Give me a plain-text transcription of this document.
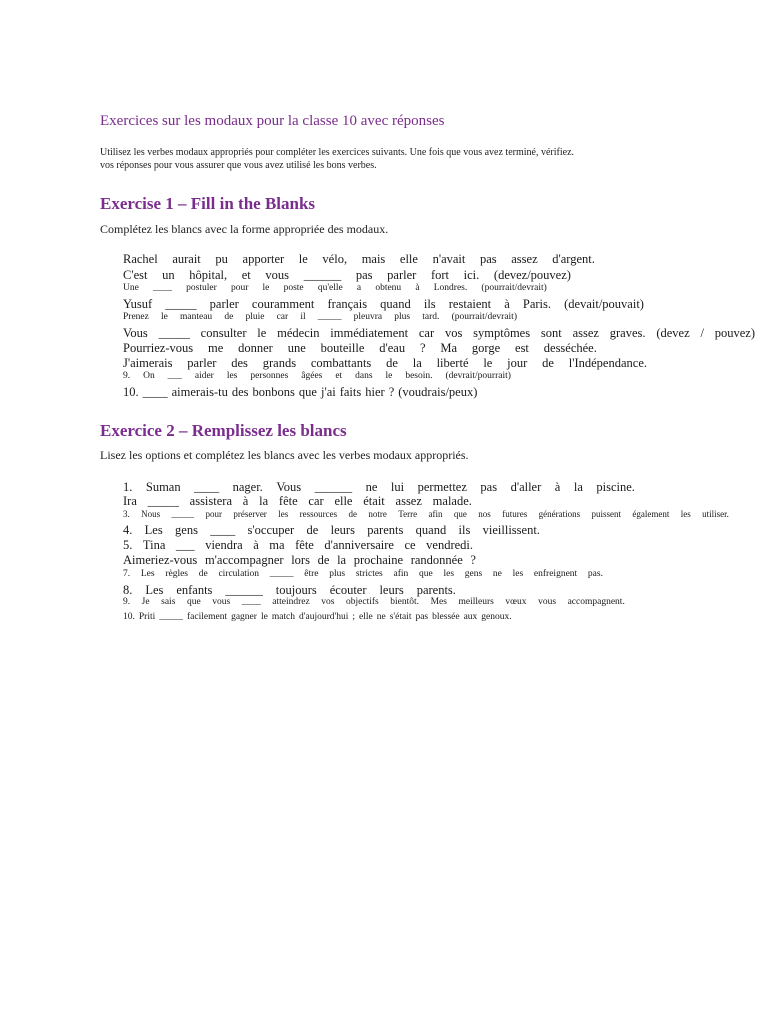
Exercices sur les modaux pour la classe 10 avec réponses
Utilisez les verbes modaux appropriés pour compléter les exercices suivants. Une fois que vous avez terminé, vérifiez.
vos réponses pour vous assurer que vous avez utilisé les bons verbes.
Exercise 1 – Fill in the Blanks
Complétez les blancs avec la forme appropriée des modaux.
Rachel aurait pu apporter le vélo, mais elle n'avait pas assez d'argent.
C'est un hôpital, et vous ______ pas parler fort ici. (devez/pouvez)
Une ____ postuler pour le poste qu'elle a obtenu à Londres. (pourrait/devrait)
Yusuf _____ parler couramment français quand ils restaient à Paris. (devait/pouvait)
Prenez le manteau de pluie car il _____ pleuvra plus tard. (pourrait/devrait)
Vous _____ consulter le médecin immédiatement car vos symptômes sont assez graves. (devez / pouvez)
Pourriez-vous me donner une bouteille d'eau ? Ma gorge est desséchée.
J'aimerais parler des grands combattants de la liberté le jour de l'Indépendance.
9. On ___ aider les personnes âgées et dans le besoin. (devrait/pourrait)
10. ____ aimerais-tu des bonbons que j'ai faits hier ? (voudrais/peux)
Exercice 2 – Remplissez les blancs
Lisez les options et complétez les blancs avec les verbes modaux appropriés.
1. Suman ____ nager. Vous ______ ne lui permettez pas d'aller à la piscine.
Ira _____ assistera à la fête car elle était assez malade.
3. Nous _____ pour préserver les ressources de notre Terre afin que nos futures générations puissent également les utiliser.
4. Les gens ____ s'occuper de leurs parents quand ils vieillissent.
5. Tina ___ viendra à ma fête d'anniversaire ce vendredi.
Aimeriez-vous m'accompagner lors de la prochaine randonnée ?
7. Les règles de circulation _____ être plus strictes afin que les gens ne les enfreignent pas.
8. Les enfants ______ toujours écouter leurs parents.
9. Je sais que vous ____ atteindrez vos objectifs bientôt. Mes meilleurs vœux vous accompagnent.
10. Priti _____ facilement gagner le match d'aujourd'hui ; elle ne s'était pas blessée aux genoux.
